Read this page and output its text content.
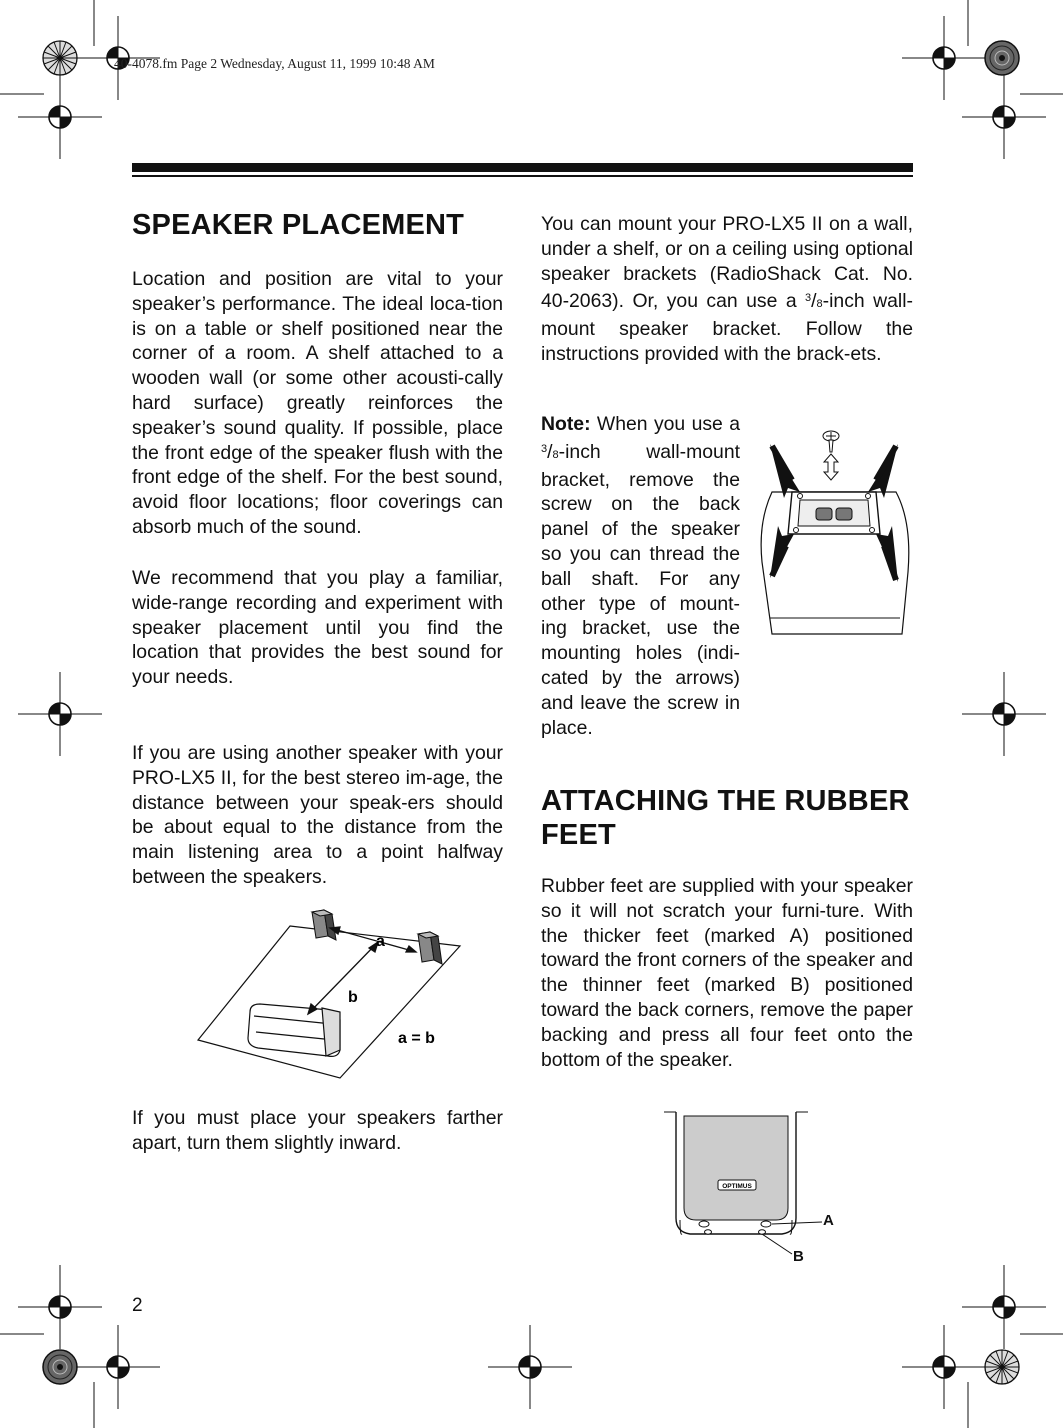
40-4078.fm Page 2 Wednesday, August 11, 1999 10:48 AM
SPEAKER PLACEMENT

Location and position are vital to your speaker’s performance. The ideal loca-tion is on a table or shelf positioned near the corner of a room. A shelf attached to a wooden wall (or some other acousti-cally hard surface) greatly reinforces the speaker’s sound quality. If possible, place the front edge of the speaker flush with the front edge of the shelf. For the best sound, avoid floor locations; floor coverings can absorb much of the sound.

We recommend that you play a familiar, wide-range recording and experiment with speaker placement until you find the location that provides the best sound for your needs.

If you are using another speaker with your PRO-LX5 II, for the best stereo im-age, the distance between your speak-ers should be about equal to the distance from the main listening area to a point halfway between the speakers.

a
b
a = b

If you must place your speakers farther apart, turn them slightly inward.

You can mount your PRO-LX5 II on a wall, under a shelf, or on a ceiling using optional speaker brackets (RadioShack Cat. No. 40-2063). Or, you can use a $^3$/8-inch wall-mount speaker bracket. Follow the instructions provided with the brack-ets.

Note: When you use a $^3$/8-inch wall-mount bracket, remove the screw on the back panel of the speaker so you can thread the ball shaft. For any other type of mount-ing bracket, use the mounting holes (indi-cated by the arrows) and leave the screw in place.

ATTACHING THE RUBBER FEET

Rubber feet are supplied with your speaker so it will not scratch your furni-ture. With the thicker feet (marked A) positioned toward the front corners of the speaker and the thinner feet (marked B) positioned toward the back corners, remove the paper backing and press all four feet onto the bottom of the speaker.

OPTIMUS
A
B
2
